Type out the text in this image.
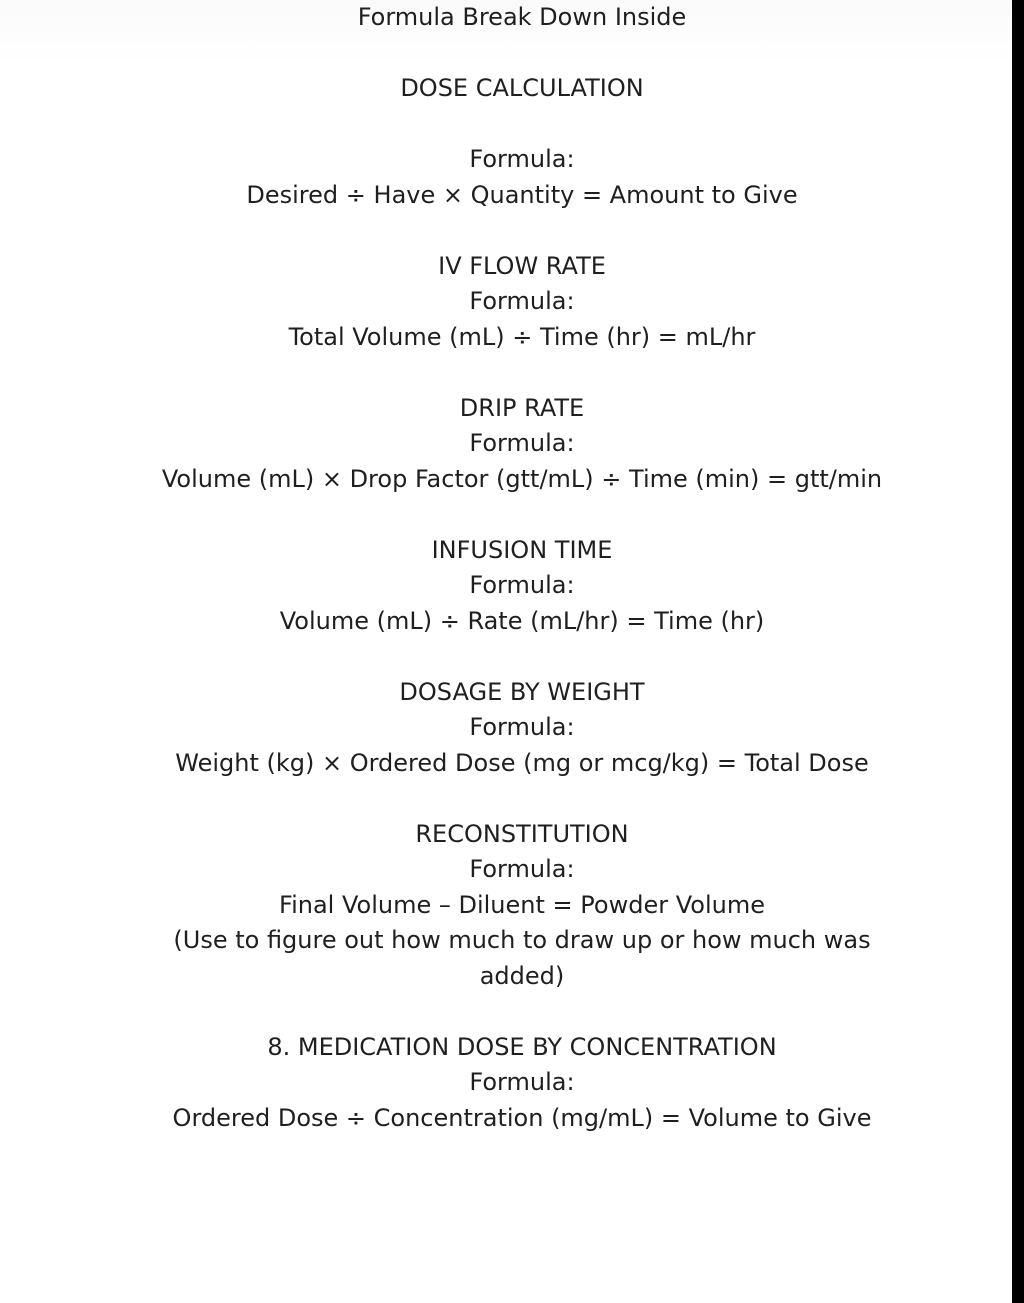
Formula Break Down Inside
DOSE CALCULATION
Formula:
Desired ÷ Have × Quantity = Amount to Give
IV FLOW RATE
Formula:
Total Volume (mL) ÷ Time (hr) = mL/hr
DRIP RATE
Formula:
Volume (mL) × Drop Factor (gtt/mL) ÷ Time (min) = gtt/min
INFUSION TIME
Formula:
Volume (mL) ÷ Rate (mL/hr) = Time (hr)
DOSAGE BY WEIGHT
Formula:
Weight (kg) × Ordered Dose (mg or mcg/kg) = Total Dose
RECONSTITUTION
Formula:
Final Volume – Diluent = Powder Volume
(Use to figure out how much to draw up or how much was added)
8. MEDICATION DOSE BY CONCENTRATION
Formula:
Ordered Dose ÷ Concentration (mg/mL) = Volume to Give
